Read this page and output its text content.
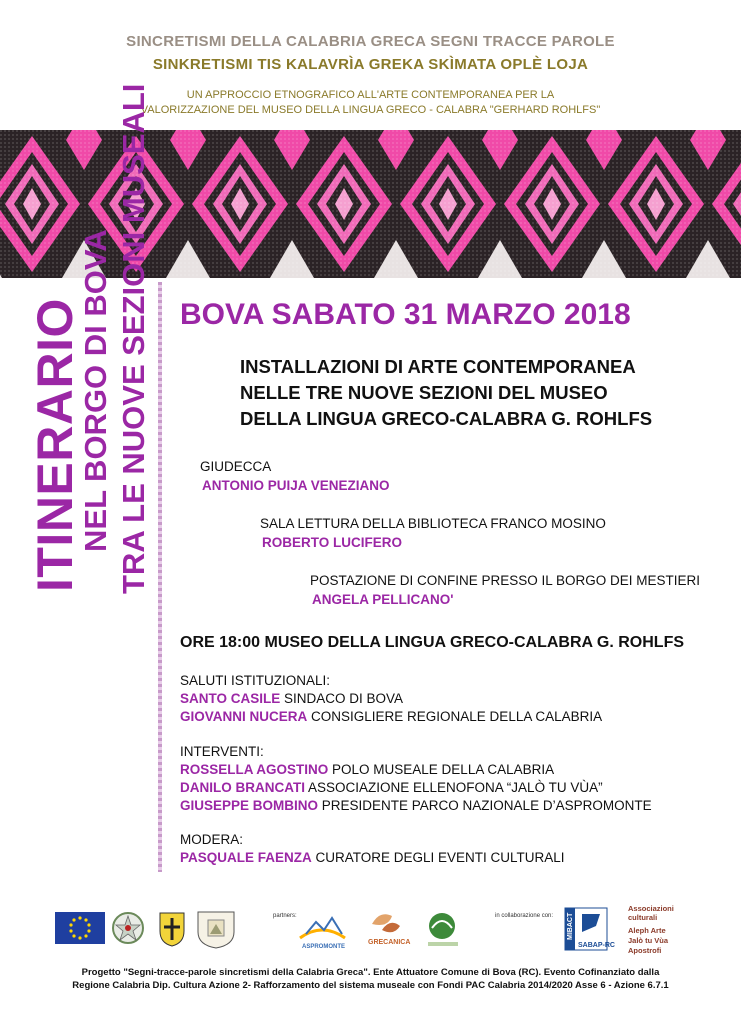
SINCRETISMI DELLA CALABRIA GRECA SEGNI TRACCE PAROLE
SINKRETISMI TIS KALAVRÌA GREKA SKÌMATA OPLÈ LOJA
UN APPROCCIO ETNOGRAFICO ALL'ARTE CONTEMPORANEA PER LA
VALORIZZAZIONE DEL MUSEO DELLA LINGUA GRECO - CALABRA "GERHARD ROHLFS"
ITINERARIO
NEL BORGO DI BOVA TRA LE NUOVE SEZIONI MUSEALI BOVA SABATO 31 MARZO 2018
INSTALLAZIONI DI ARTE CONTEMPORANEA
NELLE TRE NUOVE SEZIONI DEL MUSEO
DELLA LINGUA GRECO-CALABRA G. ROHLFS
GIUDECCA
ANTONIO PUIJA VENEZIANO
SALA LETTURA DELLA BIBLIOTECA FRANCO MOSINO
ROBERTO LUCIFERO
POSTAZIONE DI CONFINE PRESSO IL BORGO DEI MESTIERI
ANGELA PELLICANO'
ORE 18:00 MUSEO DELLA LINGUA GRECO-CALABRA G. ROHLFS
SALUTI ISTITUZIONALI:
SANTO CASILE SINDACO DI BOVA
GIOVANNI NUCERA CONSIGLIERE REGIONALE DELLA CALABRIA
INTERVENTI:
ROSSELLA AGOSTINO POLO MUSEALE DELLA CALABRIA
DANILO BRANCATI ASSOCIAZIONE ELLENOFONA “JALÒ TU VÙA”
GIUSEPPE BOMBINO PRESIDENTE PARCO NAZIONALE D’ASPROMONTE
MODERA:
PASQUALE FAENZA CURATORE DEGLI EVENTI CULTURALI
partners:
ASPROMONTE
GRECANICA
in collaborazione con: MIBACT
SABAP-RC
Associazioni culturali
Aleph Arte
Jalò tu Vùa
Apostrofi
Progetto "Segni-tracce-parole sincretismi della Calabria Greca". Ente Attuatore Comune di Bova (RC). Evento Cofinanziato dalla
Regione Calabria Dip. Cultura Azione 2- Rafforzamento del sistema museale con Fondi PAC Calabria 2014/2020 Asse 6 - Azione 6.7.1
